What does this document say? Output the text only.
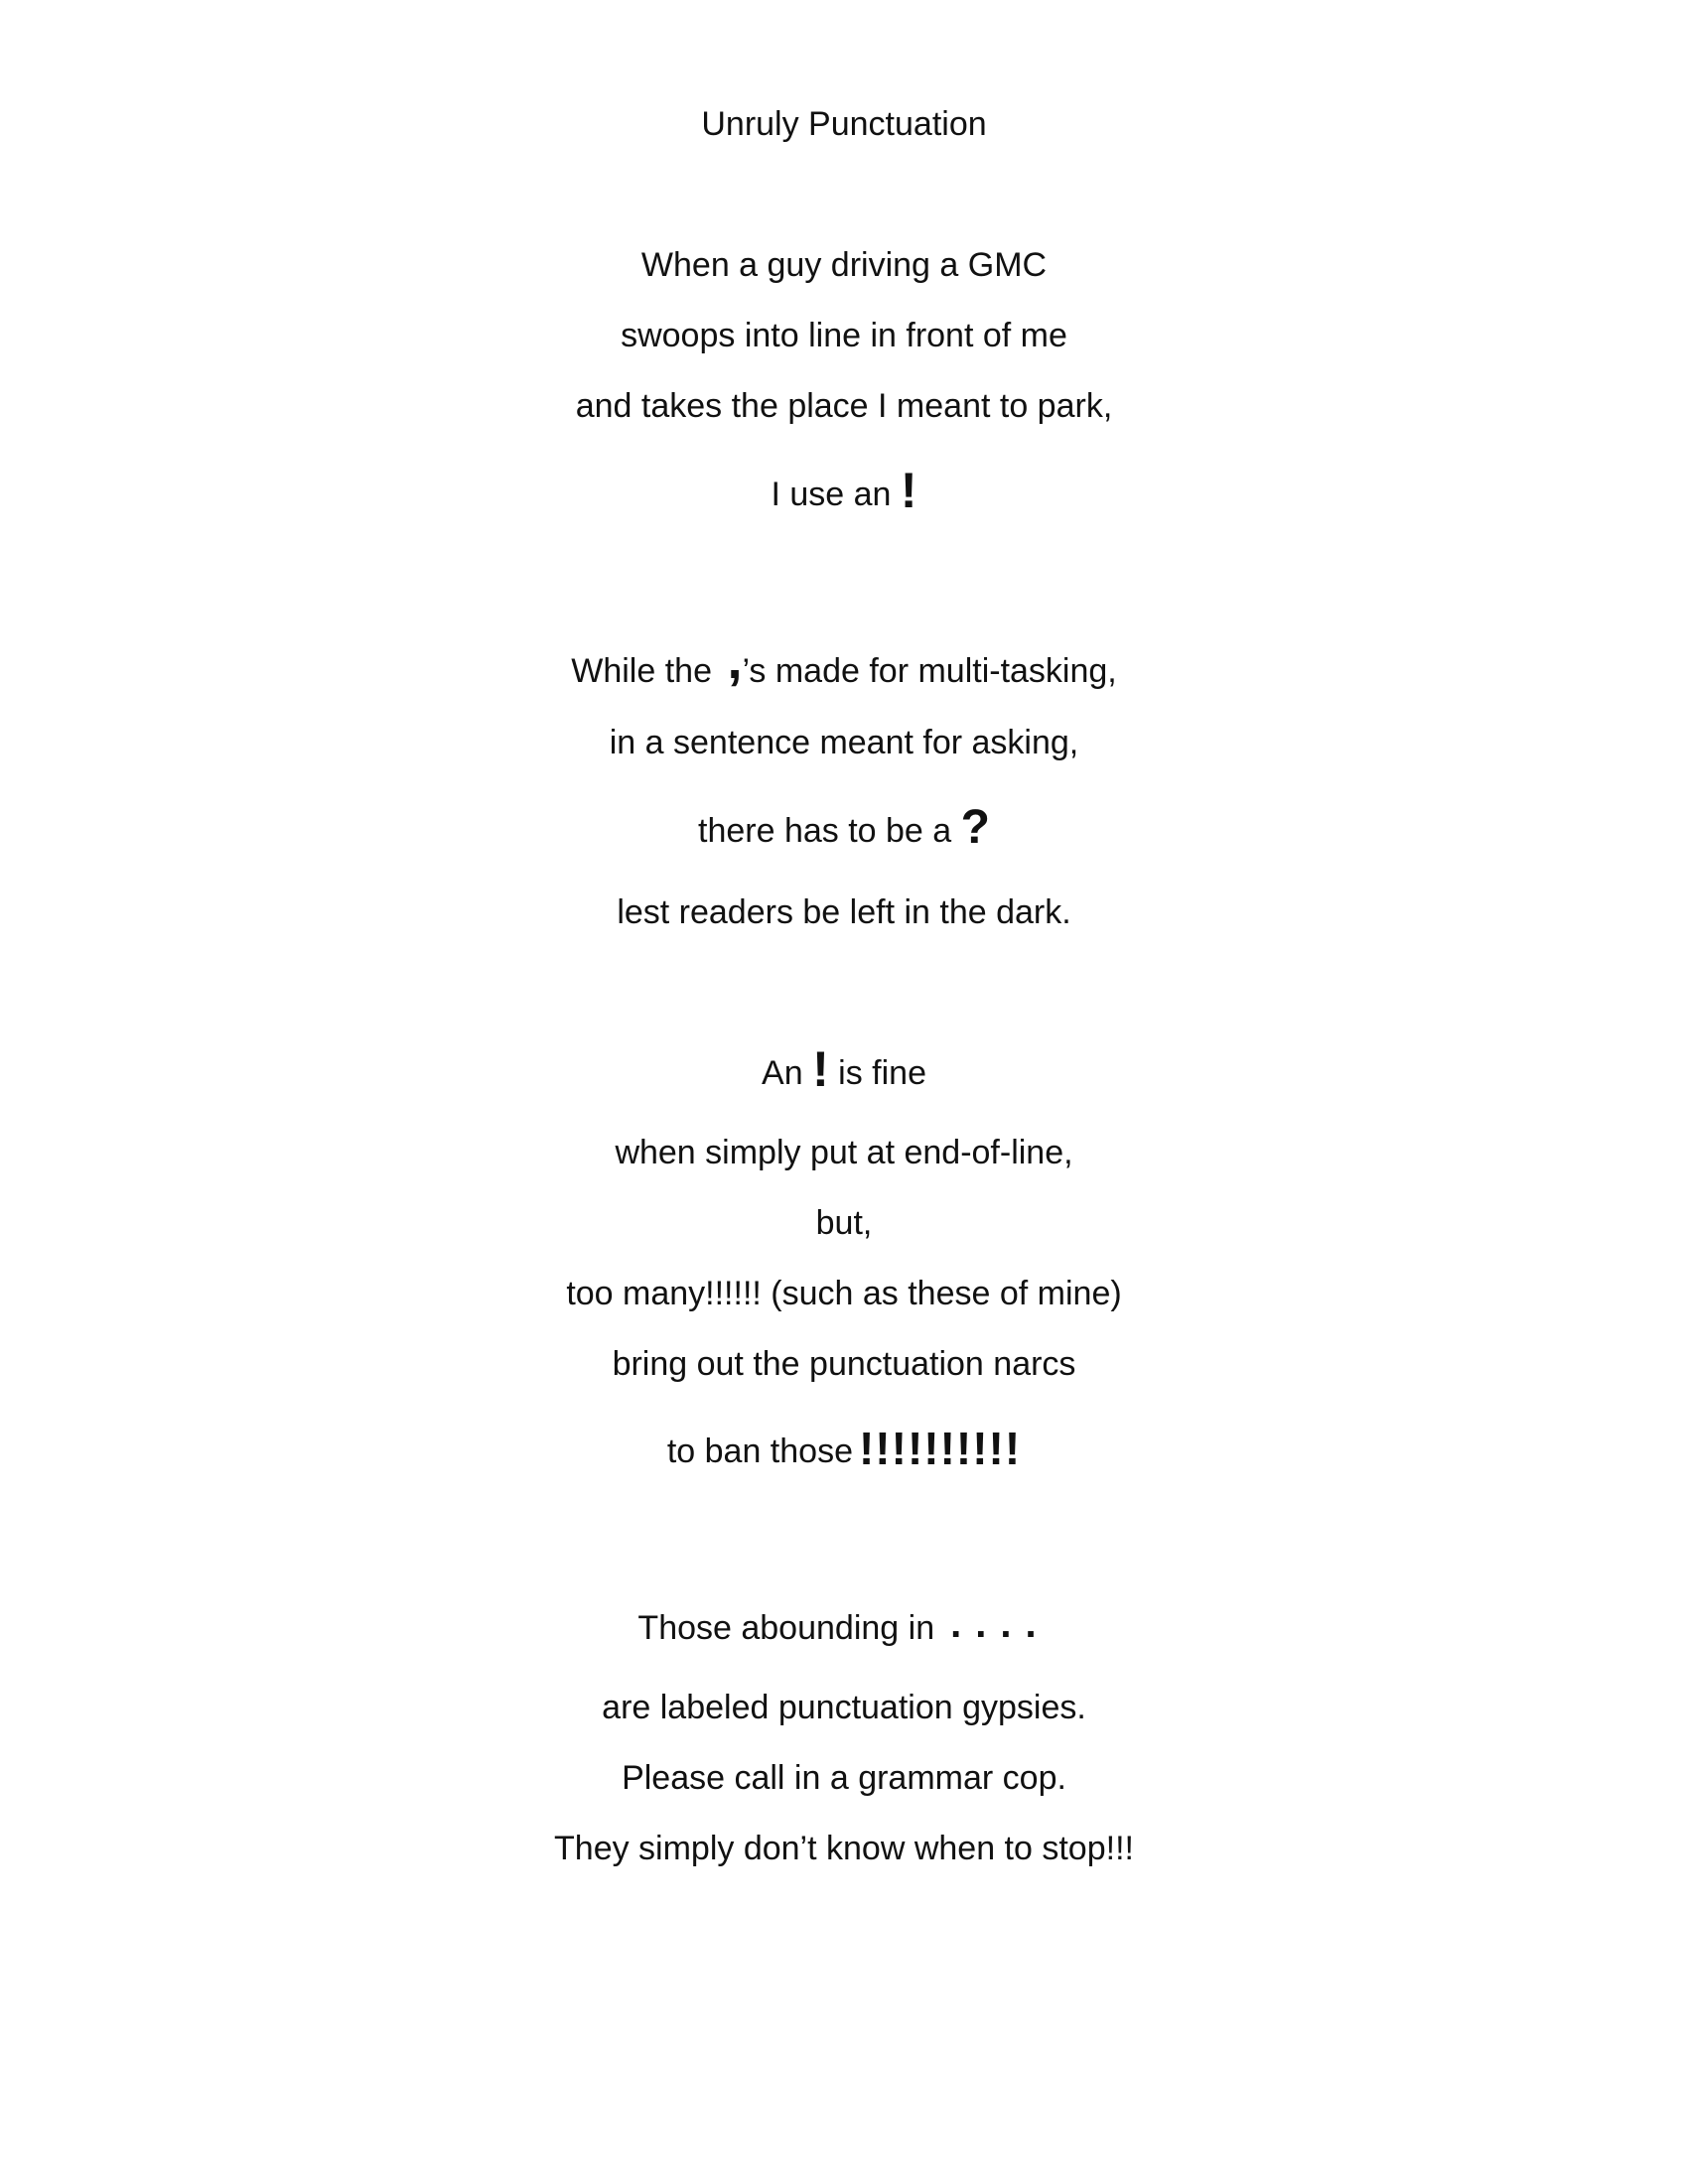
Unruly Punctuation
When a guy driving a GMC
swoops into line in front of me
and takes the place I meant to park,
I use an !
While the ,’s made for multi-tasking,
in a sentence meant for asking,
there has to be a ?
lest readers be left in the dark.
An ! is fine
when simply put at end-of-line,
but,
too many!!!!!! (such as these of mine)
bring out the punctuation narcs
to ban those !!!!!!!!!!
Those abounding in ....
are labeled punctuation gypsies.
Please call in a grammar cop.
They simply don’t know when to stop!!!
